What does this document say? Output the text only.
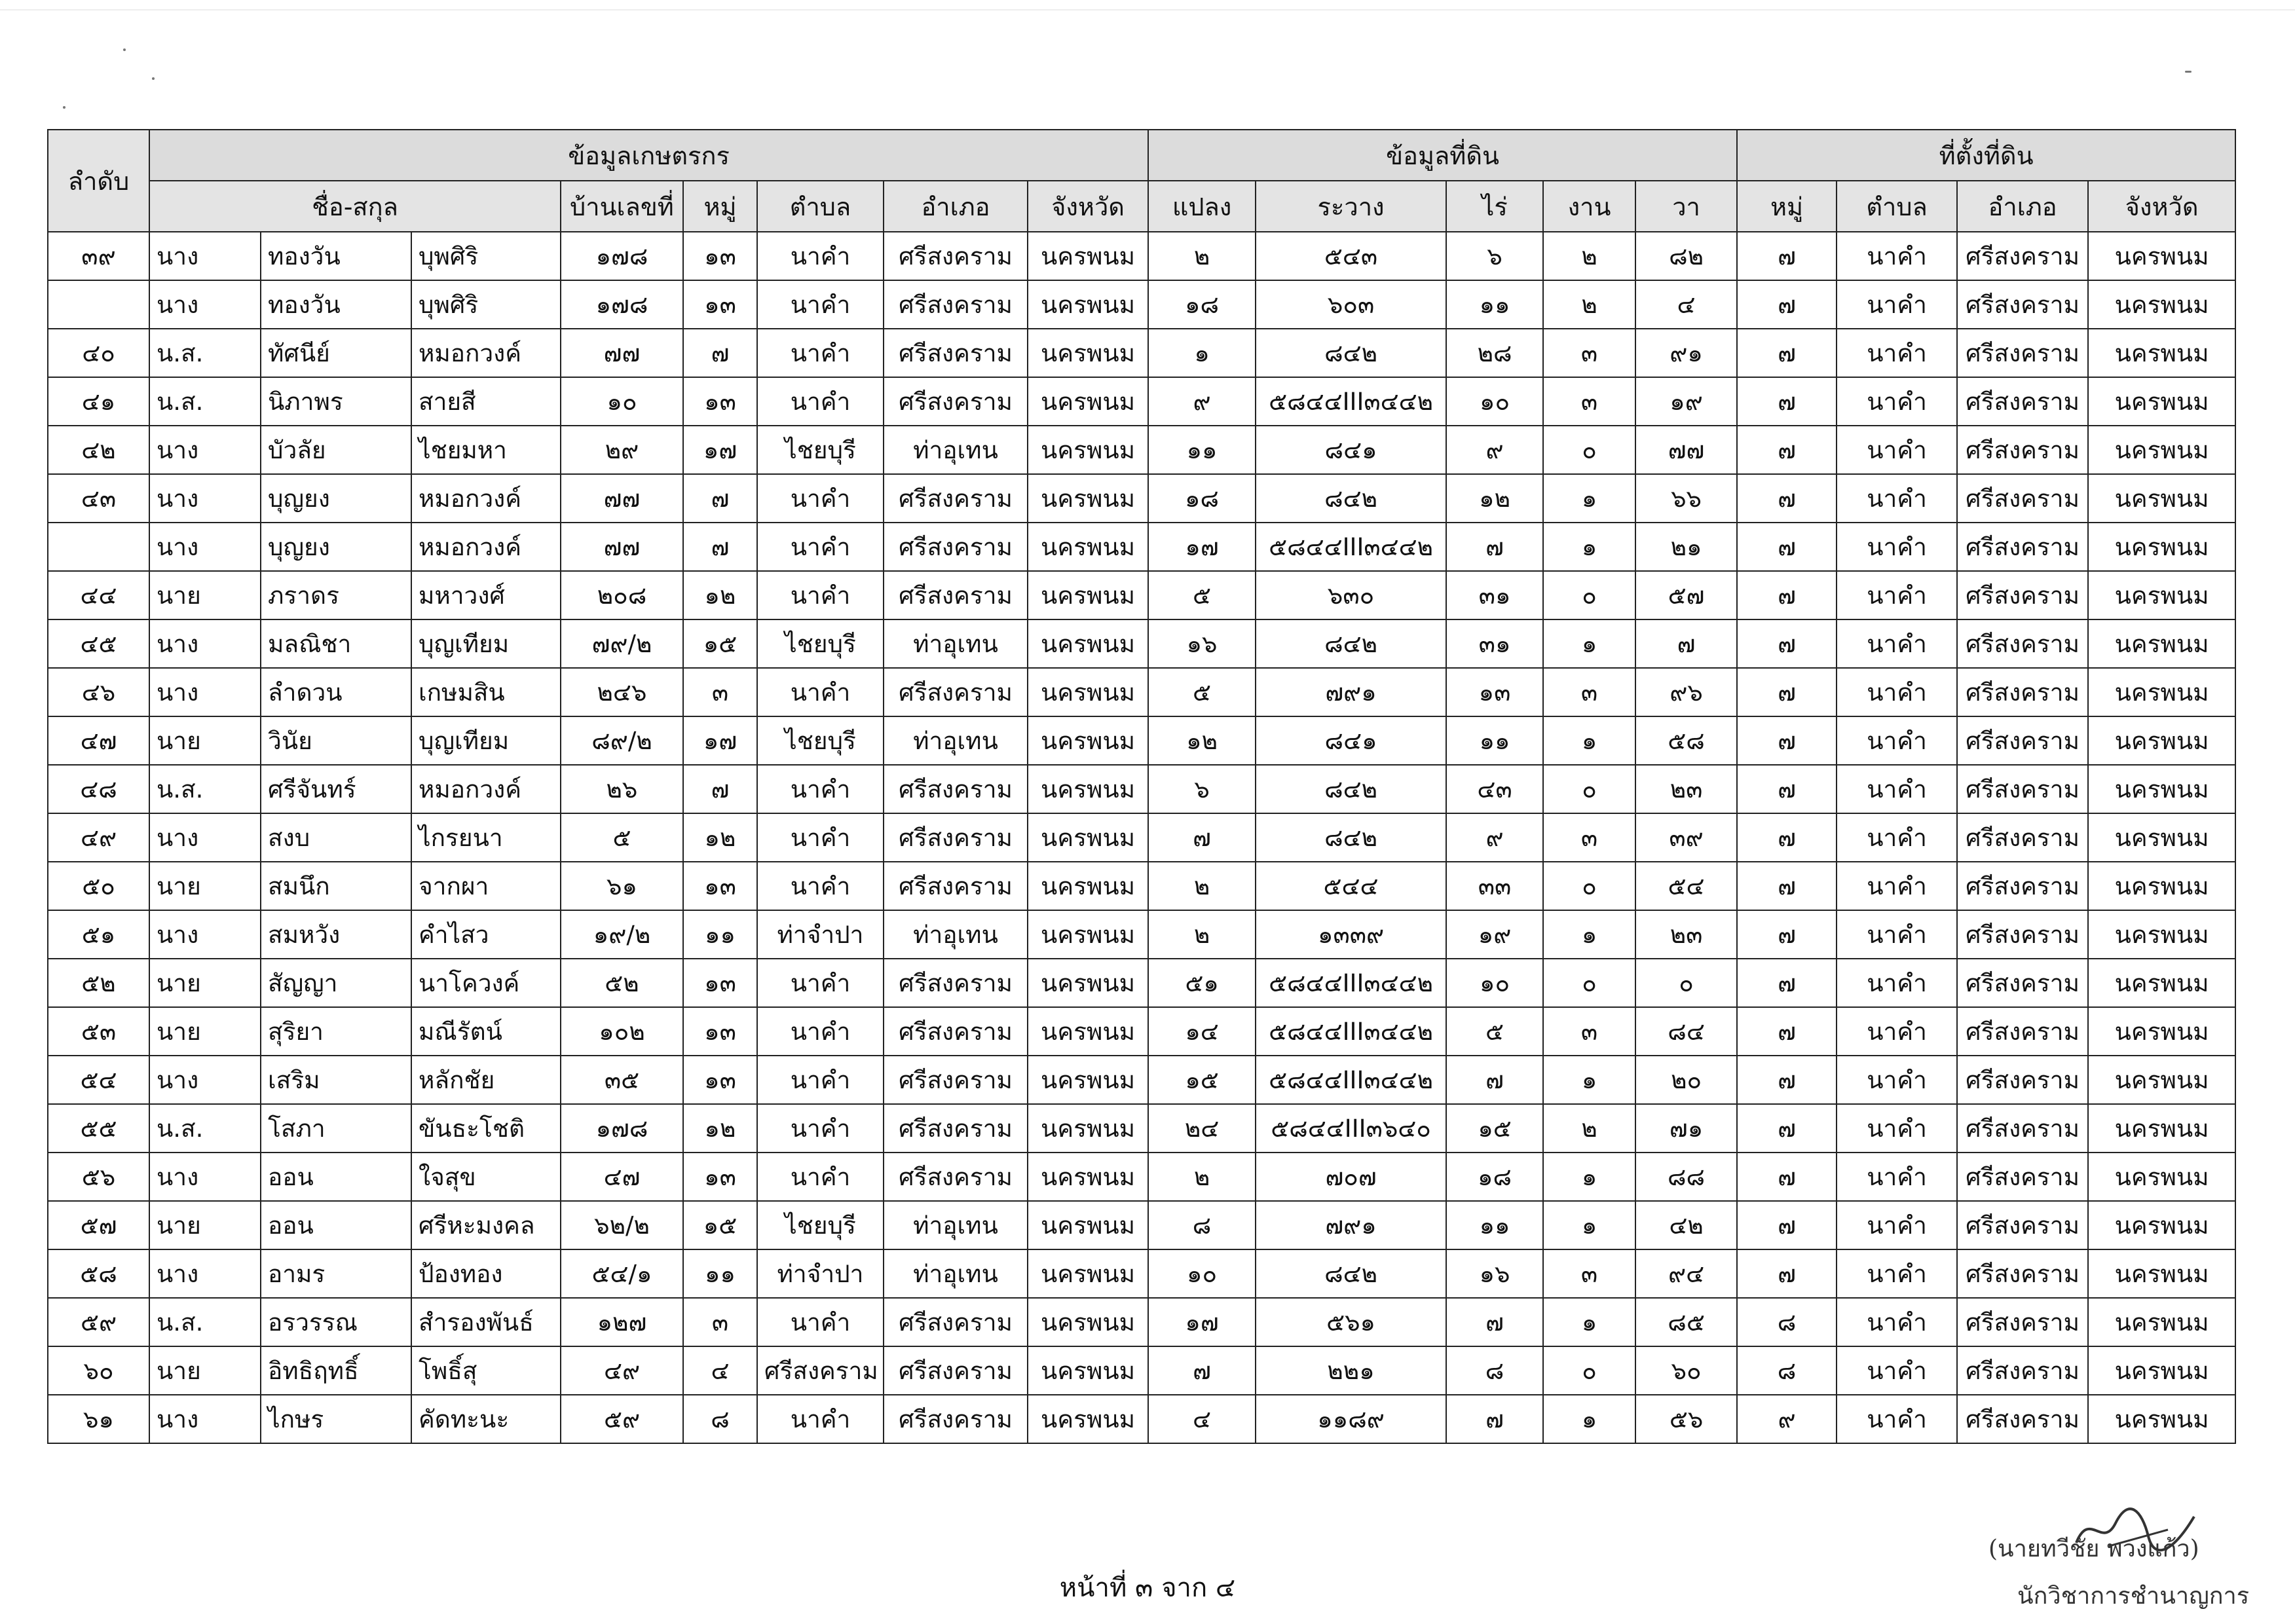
ลำดับ	ข้อมูลเกษตรกร								ข้อมูลที่ดิน					ที่ตั้งที่ดิน			
	ชื่อ-สกุล			บ้านเลขที่	หมู่	ตำบล	อำเภอ	จังหวัด	แปลง	ระวาง	ไร่	งาน	วา	หมู่	ตำบล	อำเภอ	จังหวัด
๓๙	นาง	ทองวัน	บุพศิริ	๑๗๘	๑๓	นาคำ	ศรีสงคราม	นครพนม	๒	๕๔๓	๖	๒	๘๒	๗	นาคำ	ศรีสงคราม	นครพนม
	นาง	ทองวัน	บุพศิริ	๑๗๘	๑๓	นาคำ	ศรีสงคราม	นครพนม	๑๘	๖๐๓	๑๑	๒	๔	๗	นาคำ	ศรีสงคราม	นครพนม
๔๐	น.ส.	ทัศนีย์	หมอกวงค์	๗๗	๗	นาคำ	ศรีสงคราม	นครพนม	๑	๘๔๒	๒๘	๓	๙๑	๗	นาคำ	ศรีสงคราม	นครพนม
๔๑	น.ส.	นิภาพร	สายสี	๑๐	๑๓	นาคำ	ศรีสงคราม	นครพนม	๙	๕๘๔๔III๓๔๔๒	๑๐	๓	๑๙	๗	นาคำ	ศรีสงคราม	นครพนม
๔๒	นาง	บัวลัย	ไชยมหา	๒๙	๑๗	ไชยบุรี	ท่าอุเทน	นครพนม	๑๑	๘๔๑	๙	๐	๗๗	๗	นาคำ	ศรีสงคราม	นครพนม
๔๓	นาง	บุญยง	หมอกวงค์	๗๗	๗	นาคำ	ศรีสงคราม	นครพนม	๑๘	๘๔๒	๑๒	๑	๖๖	๗	นาคำ	ศรีสงคราม	นครพนม
	นาง	บุญยง	หมอกวงค์	๗๗	๗	นาคำ	ศรีสงคราม	นครพนม	๑๗	๕๘๔๔III๓๔๔๒	๗	๑	๒๑	๗	นาคำ	ศรีสงคราม	นครพนม
๔๔	นาย	ภราดร	มหาวงศ์	๒๐๘	๑๒	นาคำ	ศรีสงคราม	นครพนม	๕	๖๓๐	๓๑	๐	๕๗	๗	นาคำ	ศรีสงคราม	นครพนม
๔๕	นาง	มลณิชา	บุญเทียม	๗๙/๒	๑๕	ไชยบุรี	ท่าอุเทน	นครพนม	๑๖	๘๔๒	๓๑	๑	๗	๗	นาคำ	ศรีสงคราม	นครพนม
๔๖	นาง	ลำดวน	เกษมสิน	๒๔๖	๓	นาคำ	ศรีสงคราม	นครพนม	๕	๗๙๑	๑๓	๓	๙๖	๗	นาคำ	ศรีสงคราม	นครพนม
๔๗	นาย	วินัย	บุญเทียม	๘๙/๒	๑๗	ไชยบุรี	ท่าอุเทน	นครพนม	๑๒	๘๔๑	๑๑	๑	๕๘	๗	นาคำ	ศรีสงคราม	นครพนม
๔๘	น.ส.	ศรีจันทร์	หมอกวงค์	๒๖	๗	นาคำ	ศรีสงคราม	นครพนม	๖	๘๔๒	๔๓	๐	๒๓	๗	นาคำ	ศรีสงคราม	นครพนม
๔๙	นาง	สงบ	ไกรยนา	๕	๑๒	นาคำ	ศรีสงคราม	นครพนม	๗	๘๔๒	๙	๓	๓๙	๗	นาคำ	ศรีสงคราม	นครพนม
๕๐	นาย	สมนึก	จากผา	๖๑	๑๓	นาคำ	ศรีสงคราม	นครพนม	๒	๕๔๔	๓๓	๐	๕๔	๗	นาคำ	ศรีสงคราม	นครพนม
๕๑	นาง	สมหวัง	คำไสว	๑๙/๒	๑๑	ท่าจำปา	ท่าอุเทน	นครพนม	๒	๑๓๓๙	๑๙	๑	๒๓	๗	นาคำ	ศรีสงคราม	นครพนม
๕๒	นาย	สัญญา	นาโควงค์	๕๒	๑๓	นาคำ	ศรีสงคราม	นครพนม	๕๑	๕๘๔๔III๓๔๔๒	๑๐	๐	๐	๗	นาคำ	ศรีสงคราม	นครพนม
๕๓	นาย	สุริยา	มณีรัตน์	๑๐๒	๑๓	นาคำ	ศรีสงคราม	นครพนม	๑๔	๕๘๔๔III๓๔๔๒	๕	๓	๘๔	๗	นาคำ	ศรีสงคราม	นครพนม
๕๔	นาง	เสริม	หลักชัย	๓๕	๑๓	นาคำ	ศรีสงคราม	นครพนม	๑๕	๕๘๔๔III๓๔๔๒	๗	๑	๒๐	๗	นาคำ	ศรีสงคราม	นครพนม
๕๕	น.ส.	โสภา	ขันธะโชติ	๑๗๘	๑๒	นาคำ	ศรีสงคราม	นครพนม	๒๔	๕๘๔๔III๓๖๔๐	๑๕	๒	๗๑	๗	นาคำ	ศรีสงคราม	นครพนม
๕๖	นาง	ออน	ใจสุข	๔๗	๑๓	นาคำ	ศรีสงคราม	นครพนม	๒	๗๐๗	๑๘	๑	๘๘	๗	นาคำ	ศรีสงคราม	นครพนม
๕๗	นาย	ออน	ศรีหะมงคล	๖๒/๒	๑๕	ไชยบุรี	ท่าอุเทน	นครพนม	๘	๗๙๑	๑๑	๑	๔๒	๗	นาคำ	ศรีสงคราม	นครพนม
๕๘	นาง	อามร	ป้องทอง	๕๔/๑	๑๑	ท่าจำปา	ท่าอุเทน	นครพนม	๑๐	๘๔๒	๑๖	๓	๙๔	๗	นาคำ	ศรีสงคราม	นครพนม
๕๙	น.ส.	อรวรรณ	สำรองพันธ์	๑๒๗	๓	นาคำ	ศรีสงคราม	นครพนม	๑๗	๕๖๑	๗	๑	๘๕	๘	นาคำ	ศรีสงคราม	นครพนม
๖๐	นาย	อิทธิฤทธิ์	โพธิ์สุ	๔๙	๔	ศรีสงคราม	ศรีสงคราม	นครพนม	๗	๒๒๑	๘	๐	๖๐	๘	นาคำ	ศรีสงคราม	นครพนม
๖๑	นาง	ไกษร	คัดทะนะ	๕๙	๘	นาคำ	ศรีสงคราม	นครพนม	๔	๑๑๘๙	๗	๑	๕๖	๙	นาคำ	ศรีสงคราม	นครพนม
หน้าที่ ๓ จาก ๔
(นายทวีชัย พวงแก้ว)
นักวิชาการชำนาญการ
